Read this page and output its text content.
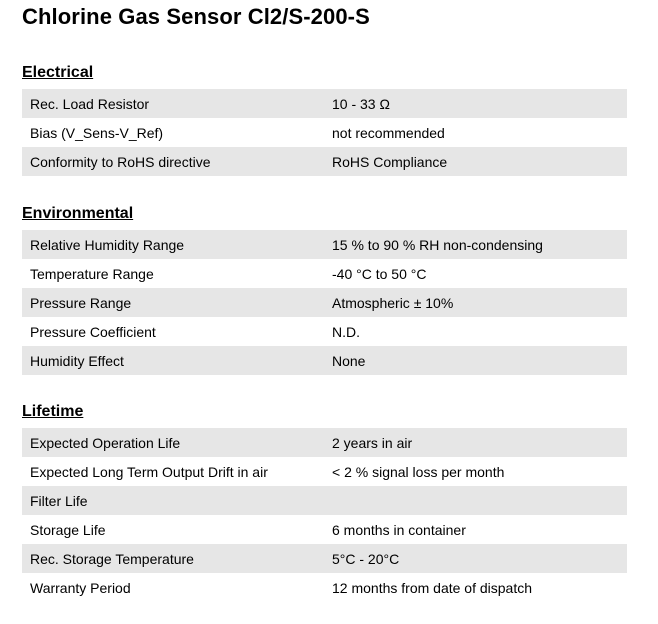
Chlorine Gas Sensor Cl2/S-200-S
Electrical
Rec. Load Resistor	10 - 33 Ω
Bias (V_Sens-V_Ref)	not recommended
Conformity to RoHS directive	RoHS Compliance
Environmental
Relative Humidity Range	15 % to 90 % RH non-condensing
Temperature Range	-40 °C to 50 °C
Pressure Range	Atmospheric ± 10%
Pressure Coefficient	N.D.
Humidity Effect	None
Lifetime
Expected Operation Life	2 years in air
Expected Long Term Output Drift in air	< 2 % signal loss per month
Filter Life
Storage Life	6 months in container
Rec. Storage Temperature	5°C - 20°C
Warranty Period	12 months from date of dispatch
